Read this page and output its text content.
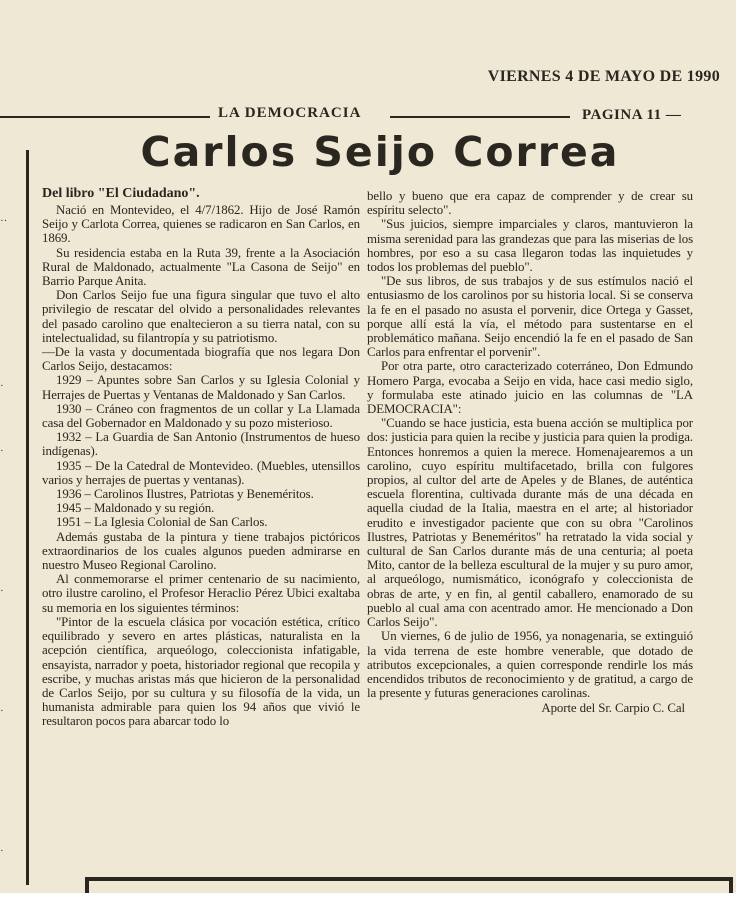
VIERNES 4 DE MAYO DE 1990
LA DEMOCRACIA	PAGINA 11 —
··
·
·
·
·
·
Carlos Seijo Correa
Del libro "El Ciudadano".

Nació en Montevideo, el 4/7/1862. Hijo de José Ramón Seijo y Carlota Correa, quienes se radicaron en San Carlos, en 1869.

Su residencia estaba en la Ruta 39, frente a la Asociación Rural de Maldonado, actualmente "La Casona de Seijo" en Barrio Parque Anita.

Don Carlos Seijo fue una figura singular que tuvo el alto privilegio de rescatar del olvido a personalidades relevantes del pasado carolino que enaltecieron a su tierra natal, con su intelectualidad, su filantropía y su patriotismo.

—De la vasta y documentada biografía que nos legara Don Carlos Seijo, destacamos:

1929 – Apuntes sobre San Carlos y su Iglesia Colonial y Herrajes de Puertas y Ventanas de Maldonado y San Carlos.

1930 – Cráneo con fragmentos de un collar y La Llamada casa del Gobernador en Maldonado y su pozo misterioso.

1932 – La Guardia de San Antonio (Instrumentos de hueso indígenas).

1935 – De la Catedral de Montevideo. (Muebles, utensillos varios y herrajes de puertas y ventanas).

1936 – Carolinos Ilustres, Patriotas y Beneméritos.

1945 – Maldonado y su región.

1951 – La Iglesia Colonial de San Carlos.

Además gustaba de la pintura y tiene trabajos pictóricos extraordinarios de los cuales algunos pueden admirarse en nuestro Museo Regional Carolino.

Al conmemorarse el primer centenario de su nacimiento, otro ilustre carolino, el Profesor Heraclio Pérez Ubici exaltaba su memoria en los siguientes términos:

"Pintor de la escuela clásica por vocación estética, crítico equilibrado y severo en artes plásticas, naturalista en la acepción científica, arqueólogo, coleccionista infatigable, ensayista, narrador y poeta, historiador regional que recopila y escribe, y muchas aristas más que hicieron de la personalidad de Carlos Seijo, por su cultura y su filosofía de la vida, un humanista admirable para quien los 94 años que vivió le resultaron pocos para abarcar todo lo

bello y bueno que era capaz de comprender y de crear su espíritu selecto".

"Sus juicios, siempre imparciales y claros, mantuvieron la misma serenidad para las grandezas que para las miserias de los hombres, por eso a su casa llegaron todas las inquietudes y todos los problemas del pueblo".

"De sus libros, de sus trabajos y de sus estímulos nació el entusiasmo de los carolinos por su historia local. Si se conserva la fe en el pasado no asusta el porvenir, dice Ortega y Gasset, porque allí está la vía, el método para sustentarse en el problemático mañana. Seijo encendió la fe en el pasado de San Carlos para enfrentar el porvenir".

Por otra parte, otro caracterizado coterráneo, Don Edmundo Homero Parga, evocaba a Seijo en vida, hace casi medio siglo, y formulaba este atinado juicio en las columnas de "LA DEMOCRACIA":

"Cuando se hace justicia, esta buena acción se multiplica por dos: justicia para quien la recibe y justicia para quien la prodiga. Entonces honremos a quien la merece. Homenajearemos a un carolino, cuyo espíritu multifacetado, brilla con fulgores propios, al cultor del arte de Apeles y de Blanes, de auténtica escuela florentina, cultivada durante más de una década en aquella ciudad de la Italia, maestra en el arte; al historiador erudito e investigador paciente que con su obra "Carolinos Ilustres, Patriotas y Beneméritos" ha retratado la vida social y cultural de San Carlos durante más de una centuria; al poeta Mito, cantor de la belleza escultural de la mujer y su puro amor, al arqueólogo, numismático, iconógrafo y coleccionista de obras de arte, y en fin, al gentil caballero, enamorado de su pueblo al cual ama con acentrado amor. He mencionado a Don Carlos Seijo".

Un viernes, 6 de julio de 1956, ya nonagenaria, se extinguió la vida terrena de este hombre venerable, que dotado de atributos excepcionales, a quien corresponde rendirle los más encendidos tributos de reconocimiento y de gratitud, a cargo de la presente y futuras generaciones carolinas.

Aporte del Sr. Carpio C. Cal
